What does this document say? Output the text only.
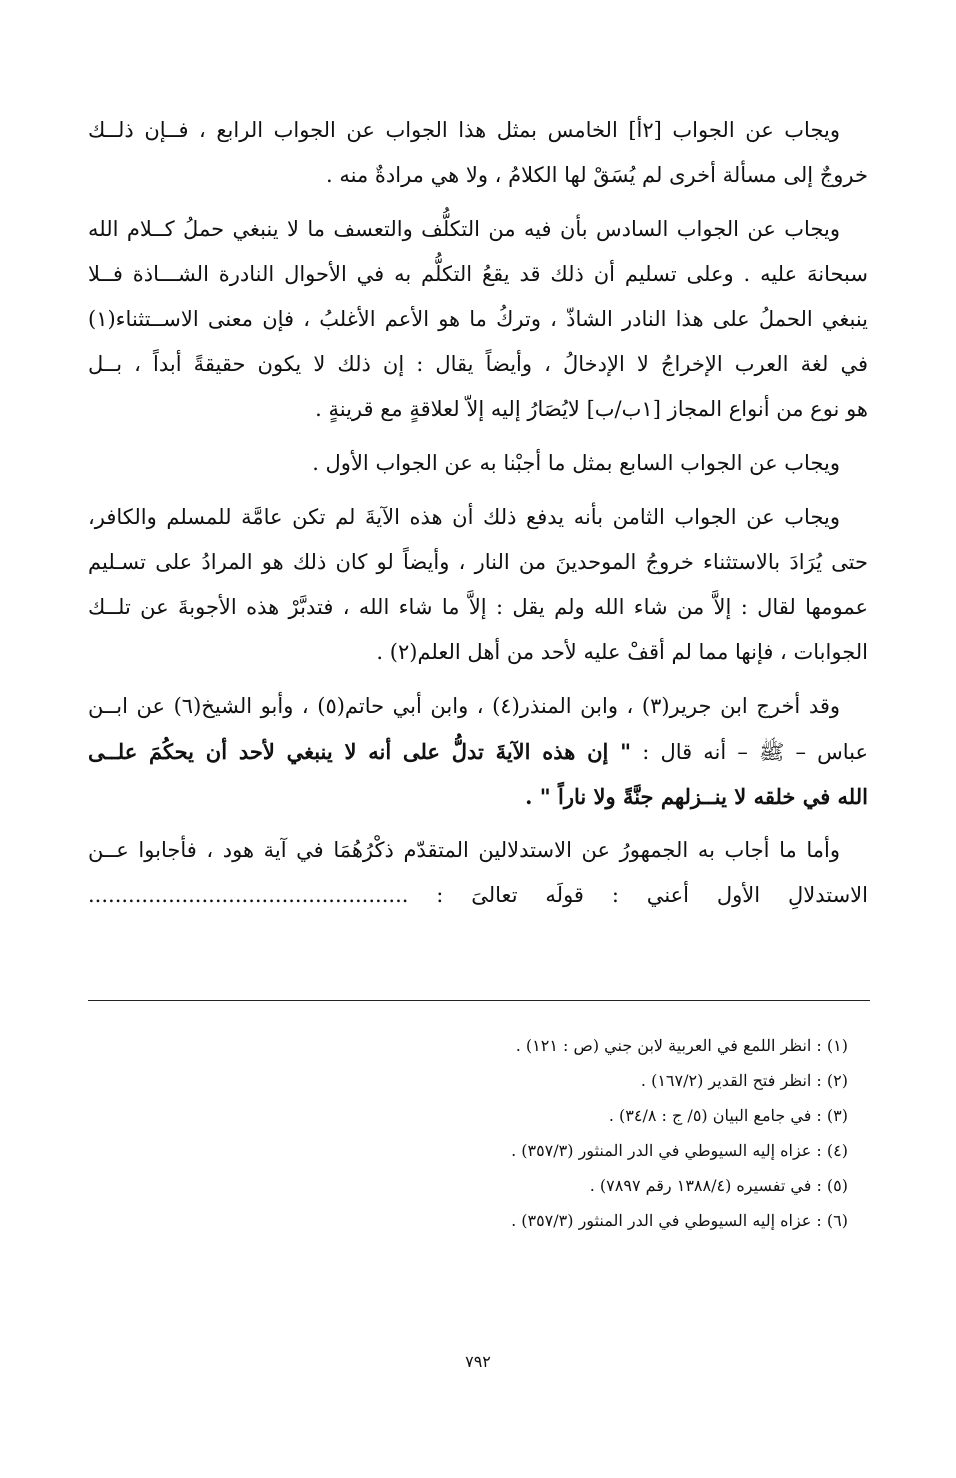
ويجاب عن الجواب [٢أ] الخامس بمثل هذا الجواب عن الجواب الرابع ، فــإن ذلــك
خروجٌ إلى مسألة أخرى لم يُسَقْ لها الكلامُ ، ولا هي مرادةٌ منه .
ويجاب عن الجواب السادس بأن فيه من التكلُّف والتعسف ما لا ينبغي حملُ كــلام الله
سبحانهَ عليه . وعلى تسليم أن ذلك قد يقعُ التكلُّم به في الأحوال النادرة الشـــاذة فــلا
ينبغي الحملُ على هذا النادر الشاذّ ، وتركُ ما هو الأعم الأغلبُ ، فإن معنى الاســتثناء(١)
في لغة العرب الإخراجُ لا الإدخالُ ، وأيضاً يقال : إن ذلك لا يكون حقيقةً أبداً ، بــل
هو نوع من أنواع المجاز [١ب/ب] لايُصَارُ إليه إلاّ لعلاقةٍ مع قرينةٍ .
ويجاب عن الجواب السابع بمثل ما أجبْنا به عن الجواب الأول .
ويجاب عن الجواب الثامن بأنه يدفع ذلك أن هذه الآيةَ لم تكن عامَّة للمسلم والكافر،
حتى يُرَادَ بالاستثناء خروجُ الموحدينَ من النار ، وأيضاً لو كان ذلك هو المرادُ على تسـليم
عمومها لقال : إلاَّ من شاء الله ولم يقل : إلاَّ ما شاء الله ، فتدبَّرْ هذه الأجوبةَ عن تلــك
الجوابات ، فإنها مما لم أقفْ عليه لأحد من أهل العلم(٢) .
وقد أخرج ابن جرير(٣) ، وابن المنذر(٤) ، وابن أبي حاتم(٥) ، وأبو الشيخ(٦) عن ابــن
عباس – ﷺ – أنه قال : " إن هذه الآيةَ تدلُّ على أنه لا ينبغي لأحد أن يحكُمَ علــى
الله في خلقه لا ينــزلهم جنَّةً ولا ناراً " .
وأما ما أجاب به الجمهورُ عن الاستدلالين المتقدّم ذكْرُهُمَا في آية هود ، فأجابوا عــن
الاستدلالِ الأول أعني : قولَه تعالىَ : ................................................
(١) : انظر اللمع في العربية لابن جني (ص : ١٢١) .
(٢) : انظر فتح القدير (١٦٧/٢) .
(٣) : في جامع البيان (٥/ ج : ٣٤/٨) .
(٤) : عزاه إليه السيوطي في الدر المنثور (٣٥٧/٣) .
(٥) : في تفسيره (١٣٨٨/٤ رقم ٧٨٩٧) .
(٦) : عزاه إليه السيوطي في الدر المنثور (٣٥٧/٣) .
٧٩٢
